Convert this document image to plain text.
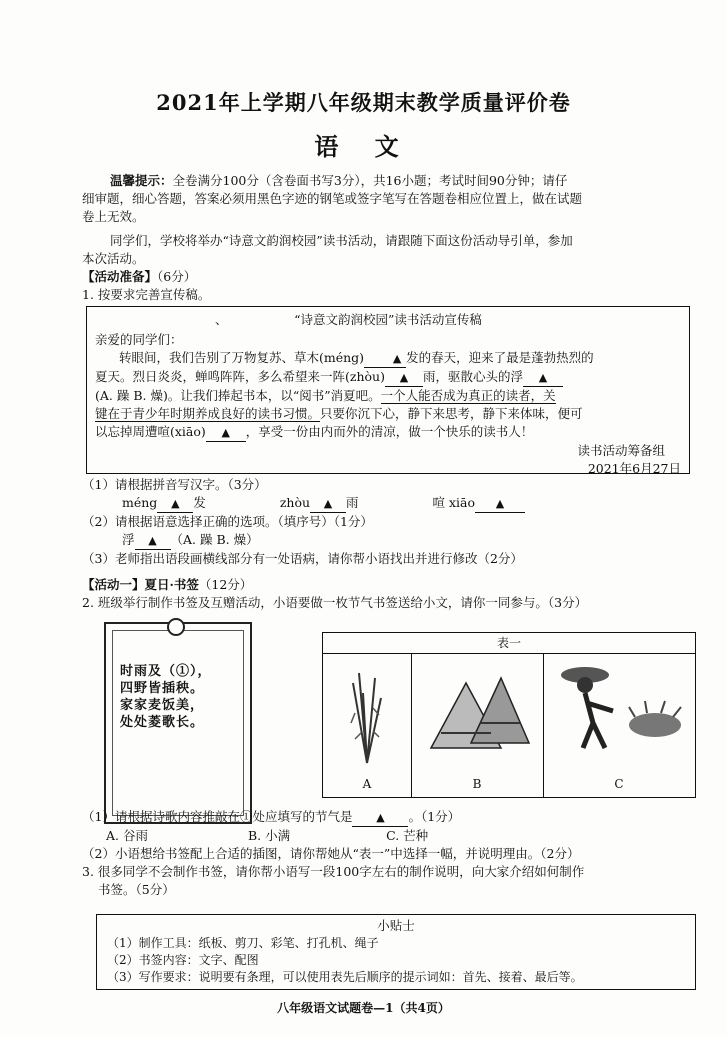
2021年上学期八年级期末教学质量评价卷
语 文
温馨提示：全卷满分100分（含卷面书写3分），共16小题；考试时间90分钟；请仔
细审题，细心答题，答案必须用黑色字迹的钢笔或签字笔写在答题卷相应位置上，做在试题
卷上无效。
同学们，学校将举办“诗意文韵润校园”读书活动，请跟随下面这份活动导引单，参加
本次活动。
【活动准备】（6分）
1. 按要求完善宣传稿。
、	“诗意文韵润校园”读书活动宣传稿
亲爱的同学们：
转眼间，我们告别了万物复苏、草木(méng)	▲ 发的春天，迎来了最是蓬勃热烈的
夏天。烈日炎炎，蝉鸣阵阵，多么希望来一阵(zhòu) ▲ 雨，驱散心头的浮 ▲
(A. 躁 B. 燥)。让我们捧起书本，以“阅书”消夏吧。一个人能否成为真正的读者，关
键在于青少年时期养成良好的读书习惯。只要你沉下心，静下来思考，静下来体味，便可
以忘掉周遭喧(xiāo) ▲ ，享受一份由内而外的清凉，做一个快乐的读书人！
读书活动筹备组
2021年6月27日
（1）请根据拼音写汉字。（3分）
méng ▲ 发	zhòu ▲ 雨	喧 xiāo ▲
（2）请根据语意选择正确的选项。（填序号）（1分）
浮 ▲ （A. 躁 B. 燥）
（3）老师指出语段画横线部分有一处语病，请你帮小语找出并进行修改（2分）
【活动一】夏日·书签（12分）
2. 班级举行制作书签及互赠活动，小语要做一枚节气书签送给小文，请你一同参与。（3分）
时雨及（①），
四野皆插秧。
家家麦饭美，
处处菱歌长。
表一
A	B	C
（1）请根据诗歌内容推敲在①处应填写的节气是 ▲ 。（1分）
A. 谷雨	B. 小满	C. 芒种
（2）小语想给书签配上合适的插图，请你帮她从“表一”中选择一幅，并说明理由。（2分）
3. 很多同学不会制作书签，请你帮小语写一段100字左右的制作说明，向大家介绍如何制作
书签。（5分）
小贴士
（1）制作工具：纸板、剪刀、彩笔、打孔机、绳子
（2）书签内容：文字、配图
（3）写作要求：说明要有条理，可以使用表先后顺序的提示词如：首先、接着、最后等。
八年级语文试题卷—1（共4页）
